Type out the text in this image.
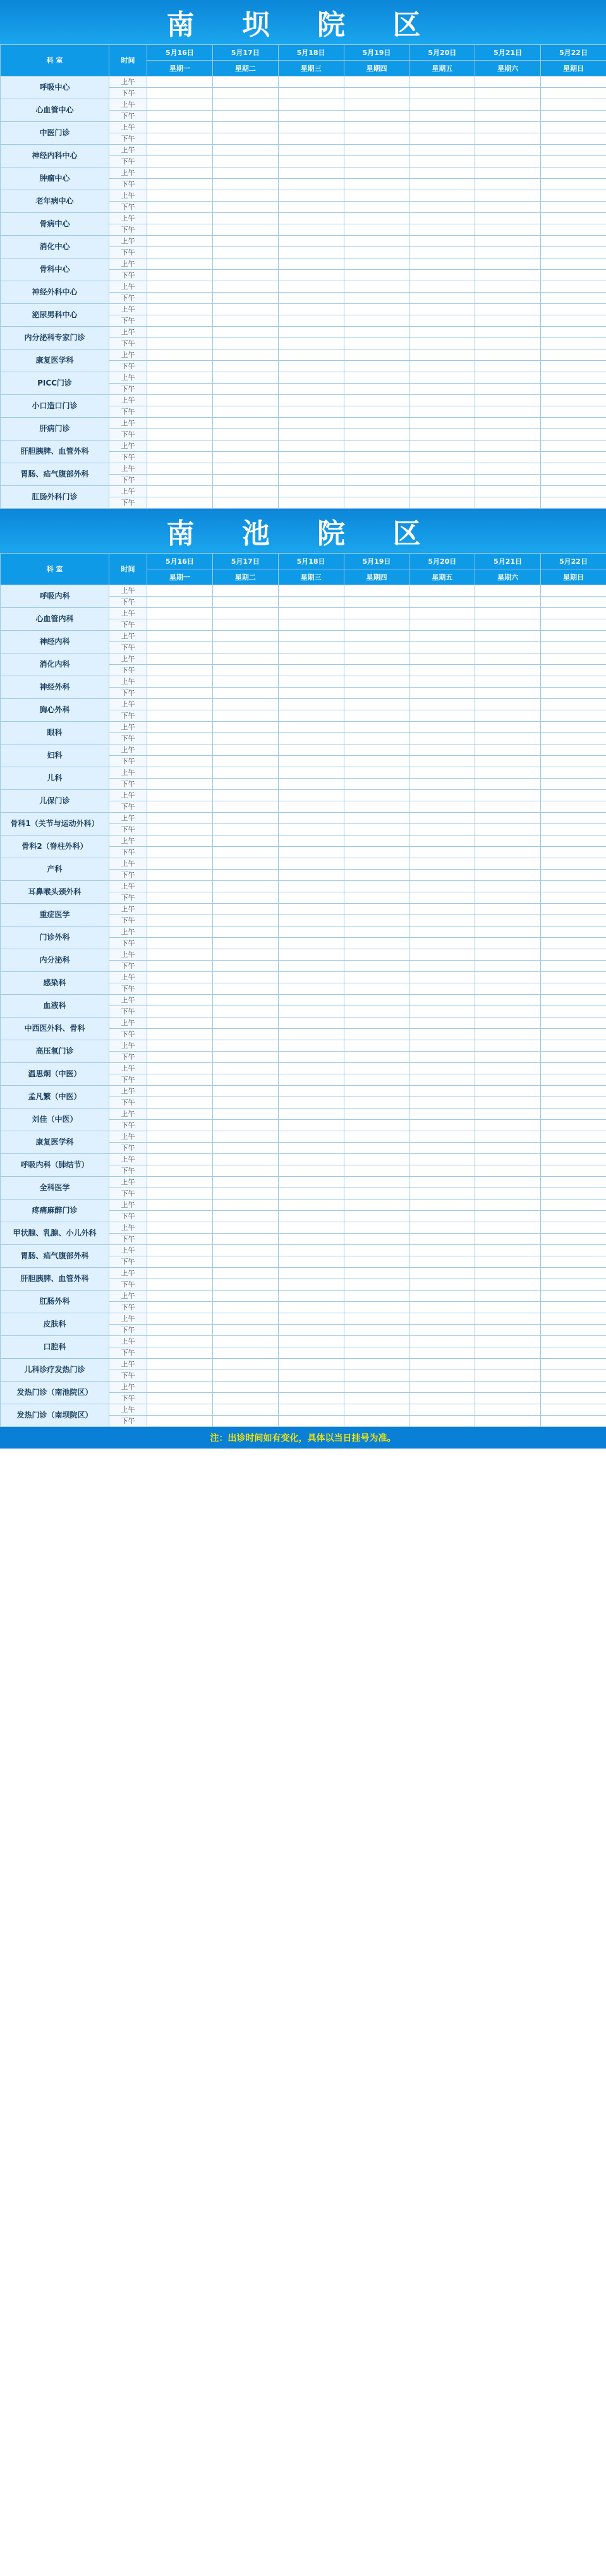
南 坝 院 区
科 室	时间	5月16日	5月17日	5月18日	5月19日	5月20日	5月21日	5月22日
		星期一	星期二	星期三	星期四	星期五	星期六	星期日
呼吸中心	上午							
	下午							
心血管中心	上午							
	下午							
中医门诊	上午							
	下午							
神经内科中心	上午							
	下午							
肿瘤中心	上午							
	下午							
老年病中心	上午							
	下午							
骨病中心	上午							
	下午							
消化中心	上午							
	下午							
骨科中心	上午							
	下午							
神经外科中心	上午							
	下午							
泌尿男科中心	上午							
	下午							
内分泌科专家门诊	上午							
	下午							
康复医学科	上午							
	下午							
PICC门诊	上午							
	下午							
小口造口门诊	上午							
	下午							
肝病门诊	上午							
	下午							
肝胆胰脾、血管外科	上午							
	下午							
胃肠、疝气腹部外科	上午							
	下午							
肛肠外科门诊	上午							
	下午							
南 池 院 区
科 室	时间	5月16日	5月17日	5月18日	5月19日	5月20日	5月21日	5月22日
		星期一	星期二	星期三	星期四	星期五	星期六	星期日
呼吸内科	上午							
	下午							
心血管内科	上午							
	下午							
神经内科	上午							
	下午							
消化内科	上午							
	下午							
神经外科	上午							
	下午							
胸心外科	上午							
	下午							
眼科	上午							
	下午							
妇科	上午							
	下午							
儿科	上午							
	下午							
儿保门诊	上午							
	下午							
骨科1（关节与运动外科）	上午							
	下午							
骨科2（脊柱外科）	上午							
	下午							
产科	上午							
	下午							
耳鼻喉头颈外科	上午							
	下午							
重症医学	上午							
	下午							
门诊外科	上午							
	下午							
内分泌科	上午							
	下午							
感染科	上午							
	下午							
血液科	上午							
	下午							
中西医外科、骨科	上午							
	下午							
高压氧门诊	上午							
	下午							
温思炯（中医）	上午							
	下午							
孟凡繁（中医）	上午							
	下午							
刘佳（中医）	上午							
	下午							
康复医学科	上午							
	下午							
呼吸内科（肺结节）	上午							
	下午							
全科医学	上午							
	下午							
疼痛麻醉门诊	上午							
	下午							
甲状腺、乳腺、小儿外科	上午							
	下午							
胃肠、疝气腹部外科	上午							
	下午							
肝胆胰脾、血管外科	上午							
	下午							
肛肠外科	上午							
	下午							
皮肤科	上午							
	下午							
口腔科	上午							
	下午							
儿科诊疗发热门诊	上午							
	下午							
发热门诊（南池院区）	上午							
	下午							
发热门诊（南坝院区）	上午							
	下午							
注：出诊时间如有变化，具体以当日挂号为准。
